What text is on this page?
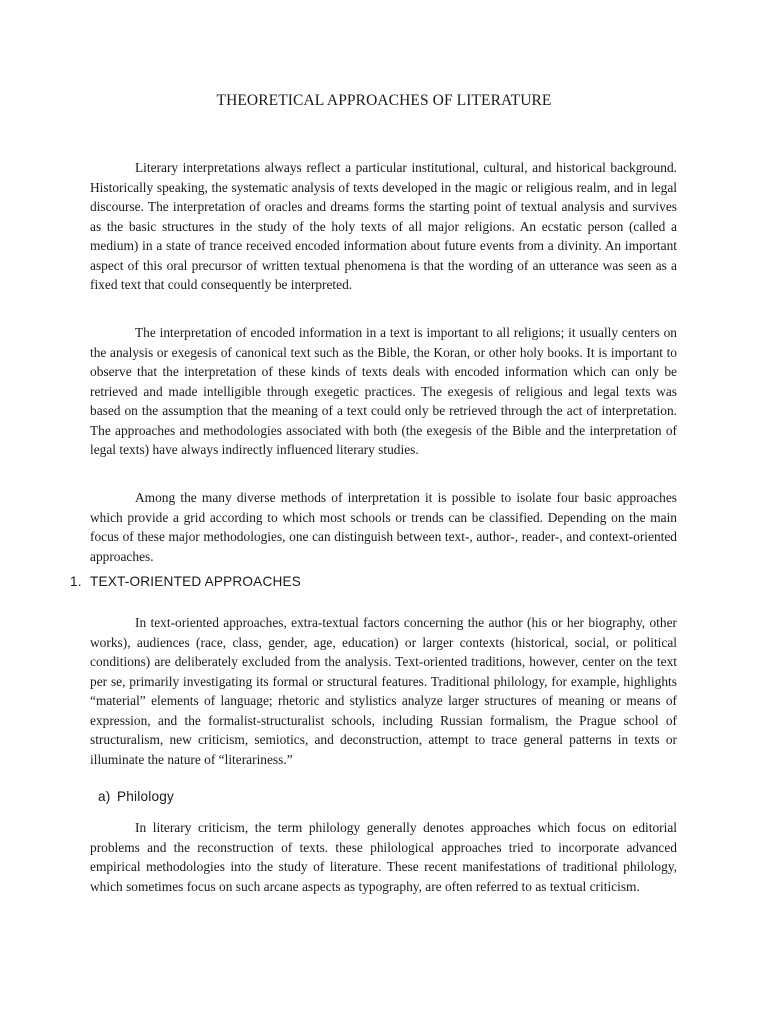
THEORETICAL APPROACHES OF LITERATURE

Literary interpretations always reflect a particular institutional, cultural, and historical background. Historically speaking, the systematic analysis of texts developed in the magic or religious realm, and in legal discourse. The interpretation of oracles and dreams forms the starting point of textual analysis and survives as the basic structures in the study of the holy texts of all major religions. An ecstatic person (called a medium) in a state of trance received encoded information about future events from a divinity. An important aspect of this oral precursor of written textual phenomena is that the wording of an utterance was seen as a fixed text that could consequently be interpreted.

The interpretation of encoded information in a text is important to all religions; it usually centers on the analysis or exegesis of canonical text such as the Bible, the Koran, or other holy books. It is important to observe that the interpretation of these kinds of texts deals with encoded information which can only be retrieved and made intelligible through exegetic practices. The exegesis of religious and legal texts was based on the assumption that the meaning of a text could only be retrieved through the act of interpretation. The approaches and methodologies associated with both (the exegesis of the Bible and the interpretation of legal texts) have always indirectly influenced literary studies.

Among the many diverse methods of interpretation it is possible to isolate four basic approaches which provide a grid according to which most schools or trends can be classified. Depending on the main focus of these major methodologies, one can distinguish between text-, author-, reader-, and context-oriented approaches.

1. TEXT-ORIENTED APPROACHES

In text-oriented approaches, extra-textual factors concerning the author (his or her biography, other works), audiences (race, class, gender, age, education) or larger contexts (historical, social, or political conditions) are deliberately excluded from the analysis. Text-oriented traditions, however, center on the text per se, primarily investigating its formal or structural features. Traditional philology, for example, highlights “material” elements of language; rhetoric and stylistics analyze larger structures of meaning or means of expression, and the formalist-structuralist schools, including Russian formalism, the Prague school of structuralism, new criticism, semiotics, and deconstruction, attempt to trace general patterns in texts or illuminate the nature of “literariness.”

a) Philology

In literary criticism, the term philology generally denotes approaches which focus on editorial problems and the reconstruction of texts. these philological approaches tried to incorporate advanced empirical methodologies into the study of literature. These recent manifestations of traditional philology, which sometimes focus on such arcane aspects as typography, are often referred to as textual criticism.
